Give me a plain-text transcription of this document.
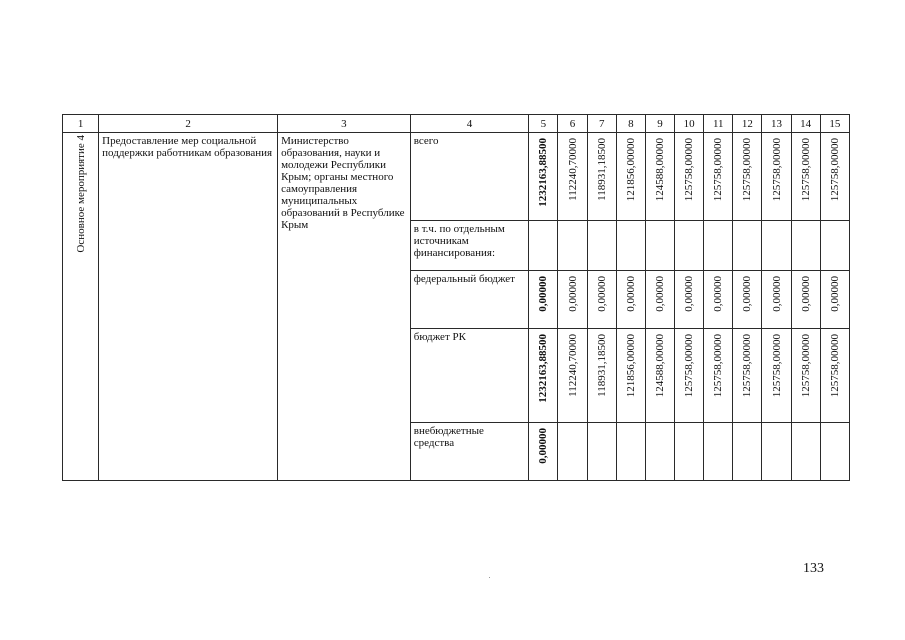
1	2	3	4	5	6	7	8	9	10	11	12	13	14	15

Основное мероприятие 4	Предоставление мер социальной поддержки работникам образования	Министерство образования, науки и молодежи Республики Крым; органы местного самоуправления муниципальных образований в Республике Крым	всего	1232163,88500	112240,70000	118931,18500	121856,00000	124588,00000	125758,00000	125758,00000	125758,00000	125758,00000	125758,00000	125758,00000

			в т.ч. по отдельным источникам финансирования:											

			федеральный бюджет	0,00000	0,00000	0,00000	0,00000	0,00000	0,00000	0,00000	0,00000	0,00000	0,00000	0,00000

			бюджет РК	1232163,88500	112240,70000	118931,18500	121856,00000	124588,00000	125758,00000	125758,00000	125758,00000	125758,00000	125758,00000	125758,00000

			внебюджетные средства	0,00000										

133
